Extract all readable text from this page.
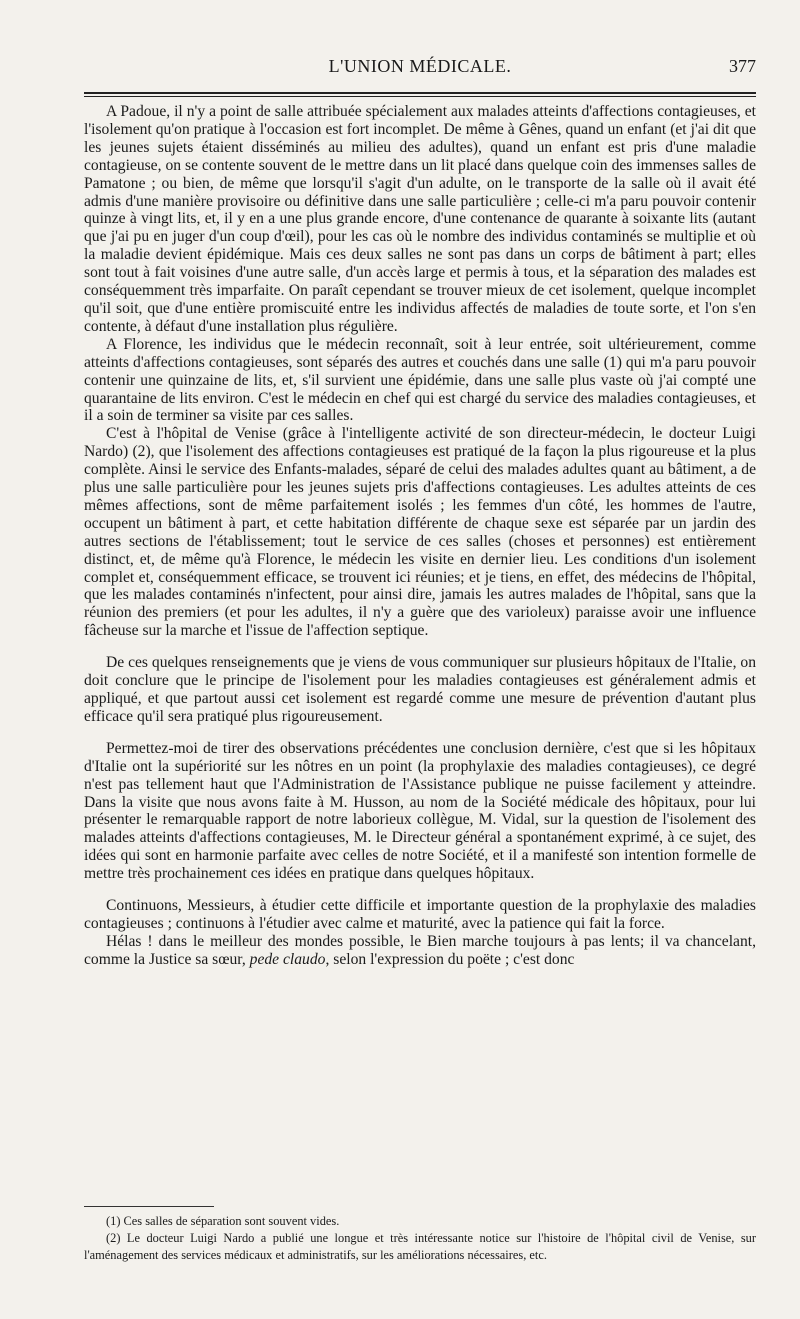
L'UNION MÉDICALE.	377

A Padoue, il n'y a point de salle attribuée spécialement aux malades atteints d'affections contagieuses, et l'isolement qu'on pratique à l'occasion est fort incomplet. De même à Gênes, quand un enfant (et j'ai dit que les jeunes sujets étaient disséminés au milieu des adultes), quand un enfant est pris d'une maladie contagieuse, on se contente souvent de le mettre dans un lit placé dans quelque coin des immenses salles de Pamatone ; ou bien, de même que lorsqu'il s'agit d'un adulte, on le transporte de la salle où il avait été admis d'une manière provisoire ou définitive dans une salle particulière ; celle-ci m'a paru pouvoir contenir quinze à vingt lits, et, il y en a une plus grande encore, d'une contenance de quarante à soixante lits (autant que j'ai pu en juger d'un coup d'œil), pour les cas où le nombre des individus contaminés se multiplie et où la maladie devient épidémique. Mais ces deux salles ne sont pas dans un corps de bâtiment à part; elles sont tout à fait voisines d'une autre salle, d'un accès large et permis à tous, et la séparation des malades est conséquemment très imparfaite. On paraît cependant se trouver mieux de cet isolement, quelque incomplet qu'il soit, que d'une entière promiscuité entre les individus affectés de maladies de toute sorte, et l'on s'en contente, à défaut d'une installation plus régulière.

A Florence, les individus que le médecin reconnaît, soit à leur entrée, soit ultérieurement, comme atteints d'affections contagieuses, sont séparés des autres et couchés dans une salle (1) qui m'a paru pouvoir contenir une quinzaine de lits, et, s'il survient une épidémie, dans une salle plus vaste où j'ai compté une quarantaine de lits environ. C'est le médecin en chef qui est chargé du service des maladies contagieuses, et il a soin de terminer sa visite par ces salles.

C'est à l'hôpital de Venise (grâce à l'intelligente activité de son directeur-médecin, le docteur Luigi Nardo) (2), que l'isolement des affections contagieuses est pratiqué de la façon la plus rigoureuse et la plus complète. Ainsi le service des Enfants-malades, séparé de celui des malades adultes quant au bâtiment, a de plus une salle particulière pour les jeunes sujets pris d'affections contagieuses. Les adultes atteints de ces mêmes affections, sont de même parfaitement isolés ; les femmes d'un côté, les hommes de l'autre, occupent un bâtiment à part, et cette habitation différente de chaque sexe est séparée par un jardin des autres sections de l'établissement; tout le service de ces salles (choses et personnes) est entièrement distinct, et, de même qu'à Florence, le médecin les visite en dernier lieu. Les conditions d'un isolement complet et, conséquemment efficace, se trouvent ici réunies; et je tiens, en effet, des médecins de l'hôpital, que les malades contaminés n'infectent, pour ainsi dire, jamais les autres malades de l'hôpital, sans que la réunion des premiers (et pour les adultes, il n'y a guère que des varioleux) paraisse avoir une influence fâcheuse sur la marche et l'issue de l'affection septique.

De ces quelques renseignements que je viens de vous communiquer sur plusieurs hôpitaux de l'Italie, on doit conclure que le principe de l'isolement pour les maladies contagieuses est généralement admis et appliqué, et que partout aussi cet isolement est regardé comme une mesure de prévention d'autant plus efficace qu'il sera pratiqué plus rigoureusement.

Permettez-moi de tirer des observations précédentes une conclusion dernière, c'est que si les hôpitaux d'Italie ont la supériorité sur les nôtres en un point (la prophylaxie des maladies contagieuses), ce degré n'est pas tellement haut que l'Administration de l'Assistance publique ne puisse facilement y atteindre. Dans la visite que nous avons faite à M. Husson, au nom de la Société médicale des hôpitaux, pour lui présenter le remarquable rapport de notre laborieux collègue, M. Vidal, sur la question de l'isolement des malades atteints d'affections contagieuses, M. le Directeur général a spontanément exprimé, à ce sujet, des idées qui sont en harmonie parfaite avec celles de notre Société, et il a manifesté son intention formelle de mettre très prochainement ces idées en pratique dans quelques hôpitaux.

Continuons, Messieurs, à étudier cette difficile et importante question de la prophylaxie des maladies contagieuses ; continuons à l'étudier avec calme et maturité, avec la patience qui fait la force.

Hélas ! dans le meilleur des mondes possible, le Bien marche toujours à pas lents; il va chancelant, comme la Justice sa sœur, pede claudo, selon l'expression du poëte ; c'est donc

(1) Ces salles de séparation sont souvent vides.

(2) Le docteur Luigi Nardo a publié une longue et très intéressante notice sur l'histoire de l'hôpital civil de Venise, sur l'aménagement des services médicaux et administratifs, sur les améliorations nécessaires, etc.
